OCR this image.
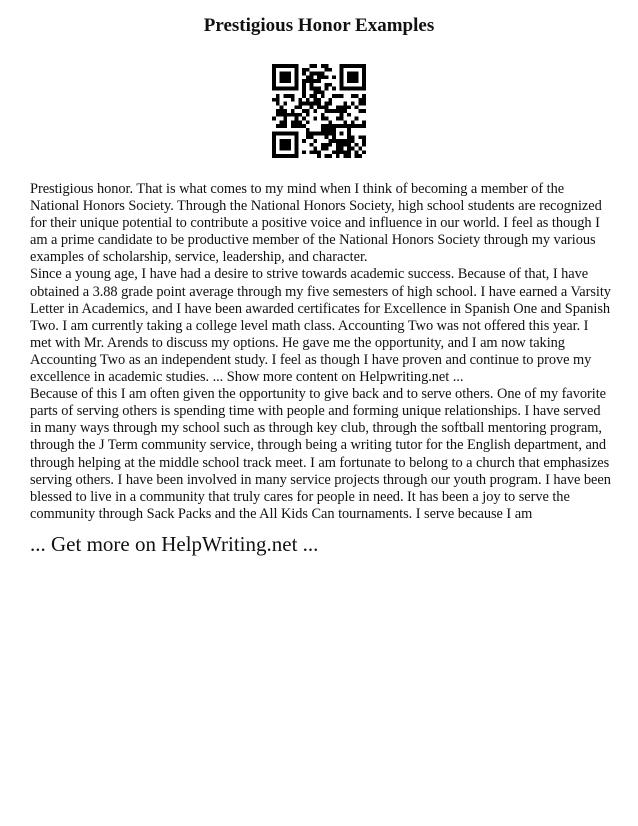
Prestigious Honor Examples

Prestigious honor. That is what comes to my mind when I think of becoming a member of the National Honors Society. Through the National Honors Society, high school students are recognized for their unique potential to contribute a positive voice and influence in our world. I feel as though I am a prime candidate to be productive member of the National Honors Society through my various examples of scholarship, service, leadership, and character.

Since a young age, I have had a desire to strive towards academic success. Because of that, I have obtained a 3.88 grade point average through my five semesters of high school. I have earned a Varsity Letter in Academics, and I have been awarded certificates for Excellence in Spanish One and Spanish Two. I am currently taking a college level math class. Accounting Two was not offered this year. I met with Mr. Arends to discuss my options. He gave me the opportunity, and I am now taking Accounting Two as an independent study. I feel as though I have proven and continue to prove my excellence in academic studies. ... Show more content on Helpwriting.net ...

Because of this I am often given the opportunity to give back and to serve others. One of my favorite parts of serving others is spending time with people and forming unique relationships. I have served in many ways through my school such as through key club, through the softball mentoring program, through the J Term community service, through being a writing tutor for the English department, and through helping at the middle school track meet. I am fortunate to belong to a church that emphasizes serving others. I have been involved in many service projects through our youth program. I have been blessed to live in a community that truly cares for people in need. It has been a joy to serve the community through Sack Packs and the All Kids Can tournaments. I serve because I am

... Get more on HelpWriting.net ...
